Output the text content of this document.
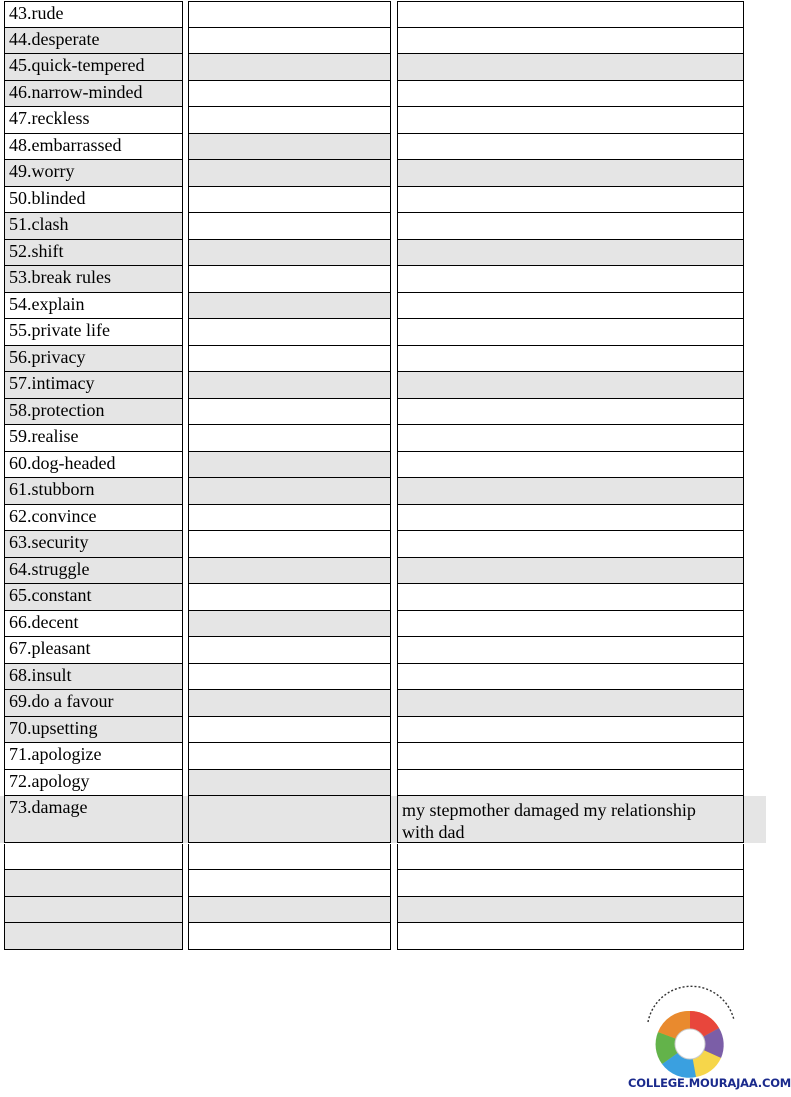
43.rude
44.desperate
45.quick-tempered
46.narrow-minded
47.reckless
48.embarrassed
49.worry
50.blinded
51.clash
52.shift
53.break rules
54.explain
55.private life
56.privacy
57.intimacy
58.protection
59.realise
60.dog-headed
61.stubborn
62.convince
63.security
64.struggle
65.constant
66.decent
67.pleasant
68.insult
69.do a favour
70.upsetting
71.apologize
72.apology
73.damage	my stepmother damaged my relationship with dad
COLLEGE.MOURAJAA.COM
